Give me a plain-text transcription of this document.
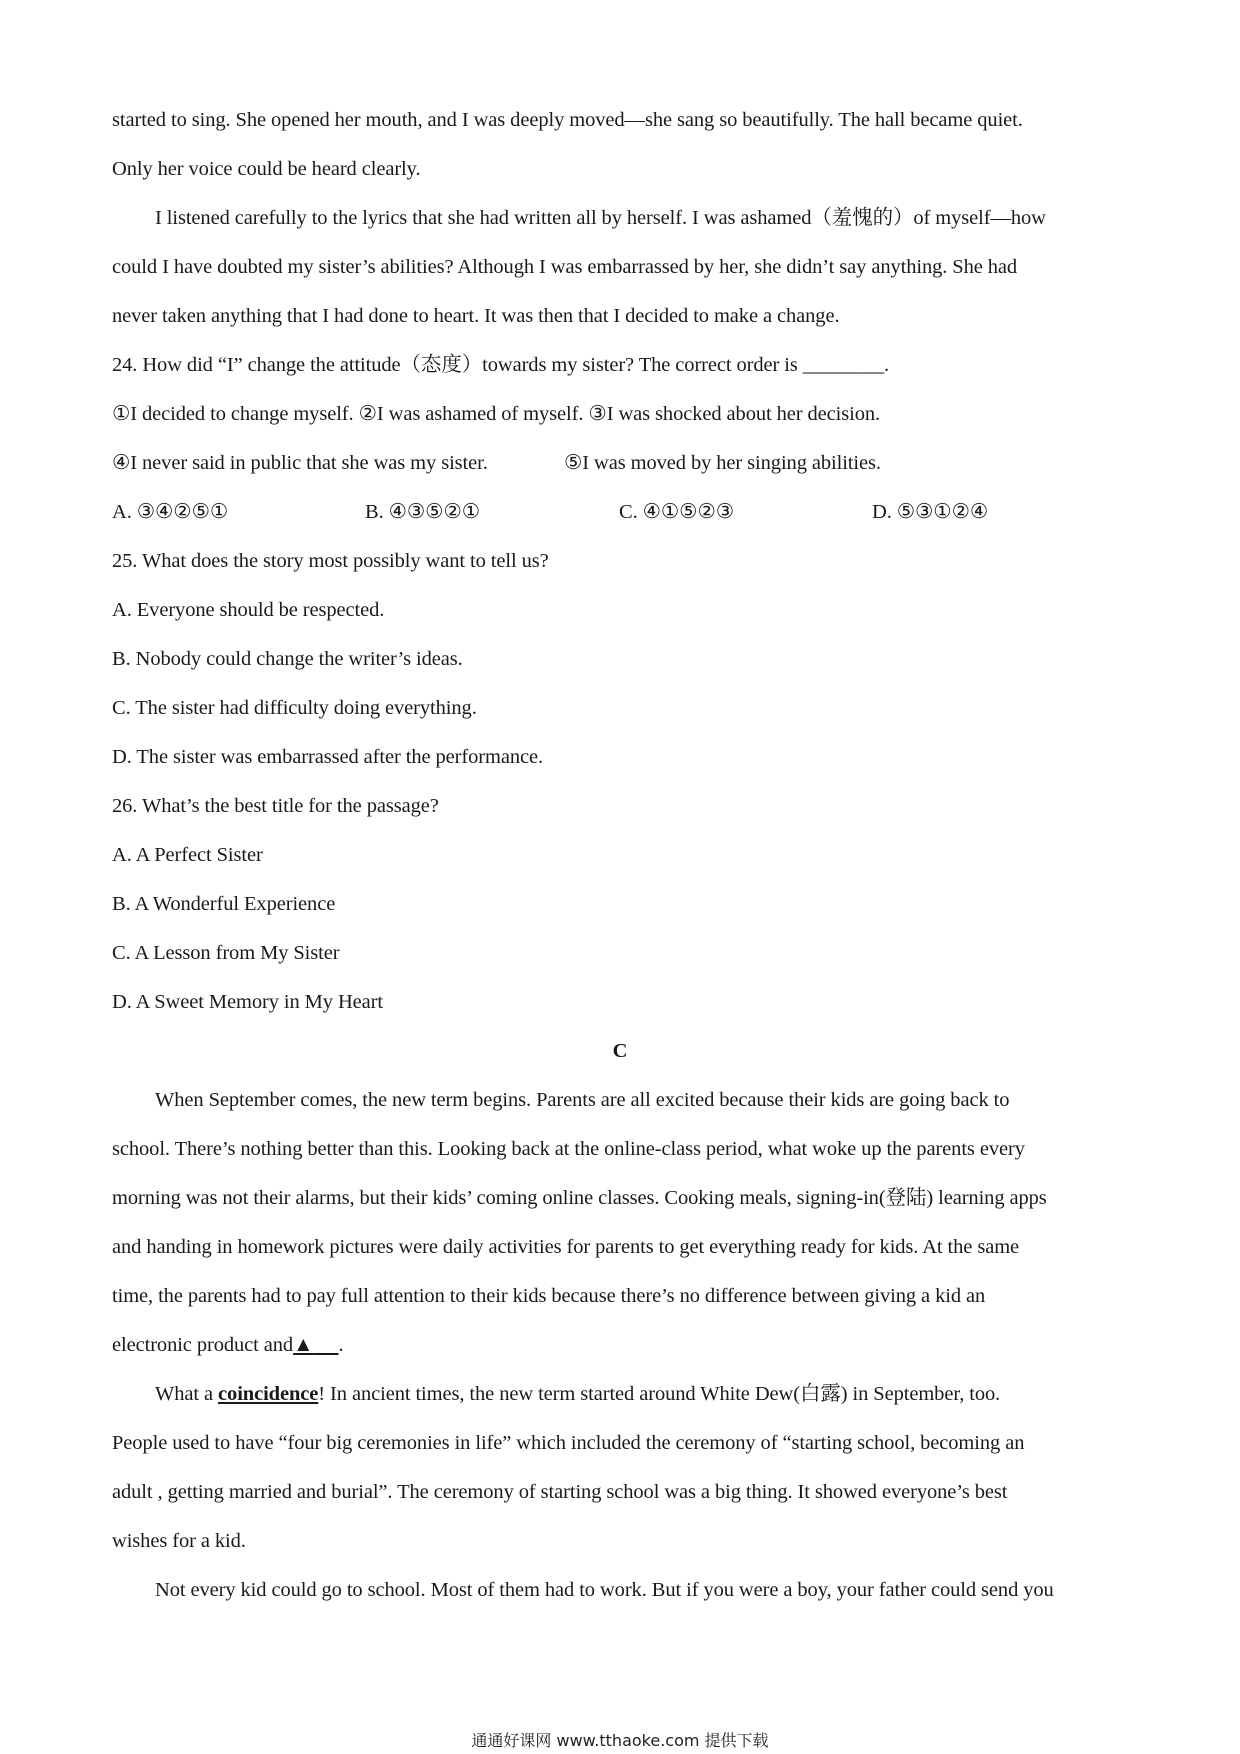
started to sing. She opened her mouth, and I was deeply moved—she sang so beautifully. The hall became quiet.
Only her voice could be heard clearly.
I listened carefully to the lyrics that she had written all by herself. I was ashamed（羞愧的）of myself—how
could I have doubted my sister’s abilities? Although I was embarrassed by her, she didn’t say anything. She had
never taken anything that I had done to heart. It was then that I decided to make a change.
24. How did “I” change the attitude（态度）towards my sister? The correct order is ________.
①I decided to change myself. ②I was ashamed of myself. ③I was shocked about her decision.
④I never said in public that she was my sister.	⑤I was moved by her singing abilities.
A. ③④②⑤①	B. ④③⑤②①	C. ④①⑤②③	D. ⑤③①②④
25. What does the story most possibly want to tell us?
A. Everyone should be respected.
B. Nobody could change the writer’s ideas.
C. The sister had difficulty doing everything.
D. The sister was embarrassed after the performance.
26. What’s the best title for the passage?
A. A Perfect Sister
B. A Wonderful Experience
C. A Lesson from My Sister
D. A Sweet Memory in My Heart
C
When September comes, the new term begins. Parents are all excited because their kids are going back to
school. There’s nothing better than this. Looking back at the online-class period, what woke up the parents every
morning was not their alarms, but their kids’ coming online classes. Cooking meals, signing-in(登陆) learning apps
and handing in homework pictures were daily activities for parents to get everything ready for kids. At the same
time, the parents had to pay full attention to their kids because there’s no difference between giving a kid an
electronic product and▲ .
What a coincidence! In ancient times, the new term started around White Dew(白露) in September, too.
People used to have “four big ceremonies in life” which included the ceremony of “starting school, becoming an
adult , getting married and burial”. The ceremony of starting school was a big thing. It showed everyone’s best
wishes for a kid.
Not every kid could go to school. Most of them had to work. But if you were a boy, your father could send you
通通好课网 www.tthaoke.com 提供下载
